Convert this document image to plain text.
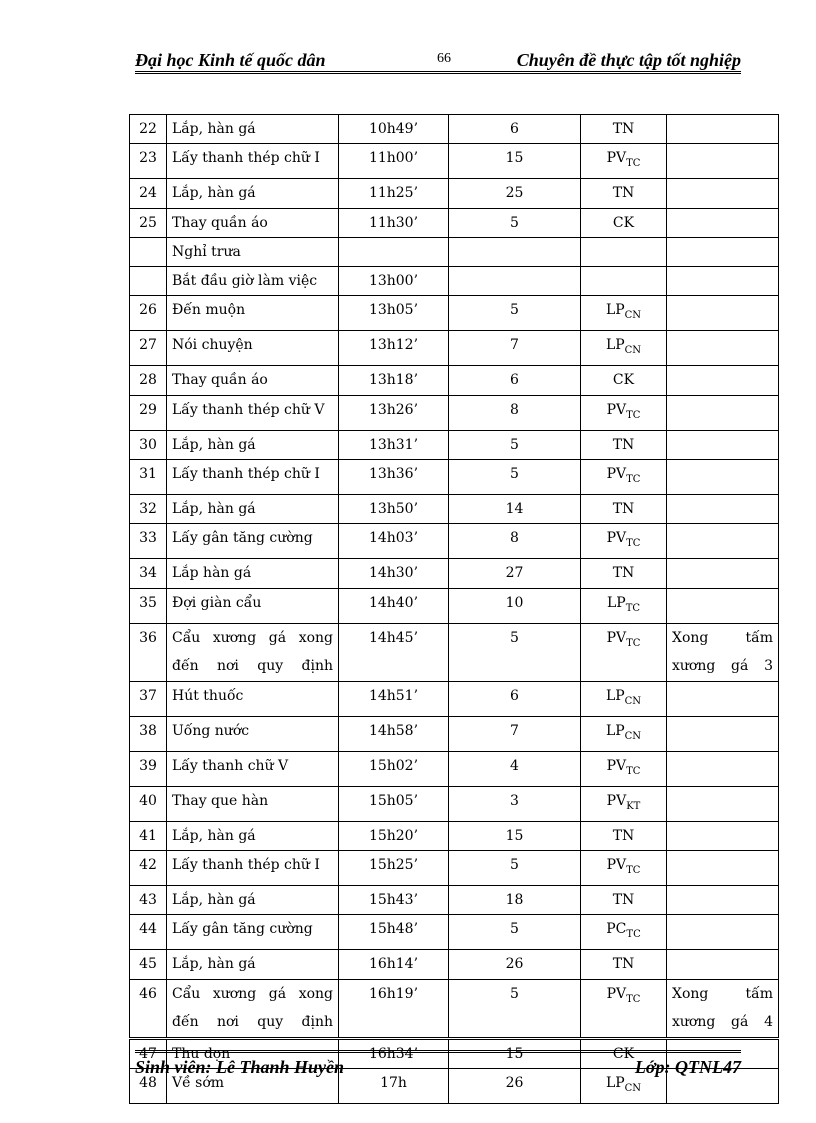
Đại học Kinh tế quốc dân	66	Chuyên đề thực tập tốt nghiệp
22	Lắp, hàn gá	10h49’	6	TN	
23	Lấy thanh thép chữ I	11h00’	15	$PV_{TC}$	
24	Lắp, hàn gá	11h25’	25	TN	
25	Thay quần áo	11h30’	5	CK	
	Nghỉ trưa				
	Bắt đầu giờ làm việc	13h00’			
26	Đến muộn	13h05’	5	$LP_{CN}$	
27	Nói chuyện	13h12’	7	$LP_{CN}$	
28	Thay quần áo	13h18’	6	CK	
29	Lấy thanh thép chữ V	13h26’	8	$PV_{TC}$	
30	Lắp, hàn gá	13h31’	5	TN	
31	Lấy thanh thép chữ I	13h36’	5	$PV_{TC}$	
32	Lắp, hàn gá	13h50’	14	TN	
33	Lấy gân tăng cường	14h03’	8	$PV_{TC}$	
34	Lắp hàn gá	14h30’	27	TN	
35	Đợi giàn cẩu	14h40’	10	$LP_{TC}$	
36	Cẩu xương gá xong đến nơi quy định	14h45’	5	$PV_{TC}$	Xong tấm xương gá 3
37	Hút thuốc	14h51’	6	$LP_{CN}$	
38	Uống nước	14h58’	7	$LP_{CN}$	
39	Lấy thanh chữ V	15h02’	4	$PV_{TC}$	
40	Thay que hàn	15h05’	3	$PV_{KT}$	
41	Lắp, hàn gá	15h20’	15	TN	
42	Lấy thanh thép chữ I	15h25’	5	$PV_{TC}$	
43	Lắp, hàn gá	15h43’	18	TN	
44	Lấy gân tăng cường	15h48’	5	$PC_{TC}$	
45	Lắp, hàn gá	16h14’	26	TN	
46	Cẩu xương gá xong đến nơi quy định	16h19’	5	$PV_{TC}$	Xong tấm xương gá 4
47	Thu dọn	16h34’	15	CK	
48	Về sớm	17h	26	$LP_{CN}$	
Sinh viên: Lê Thanh Huyền	Lớp: QTNL47
